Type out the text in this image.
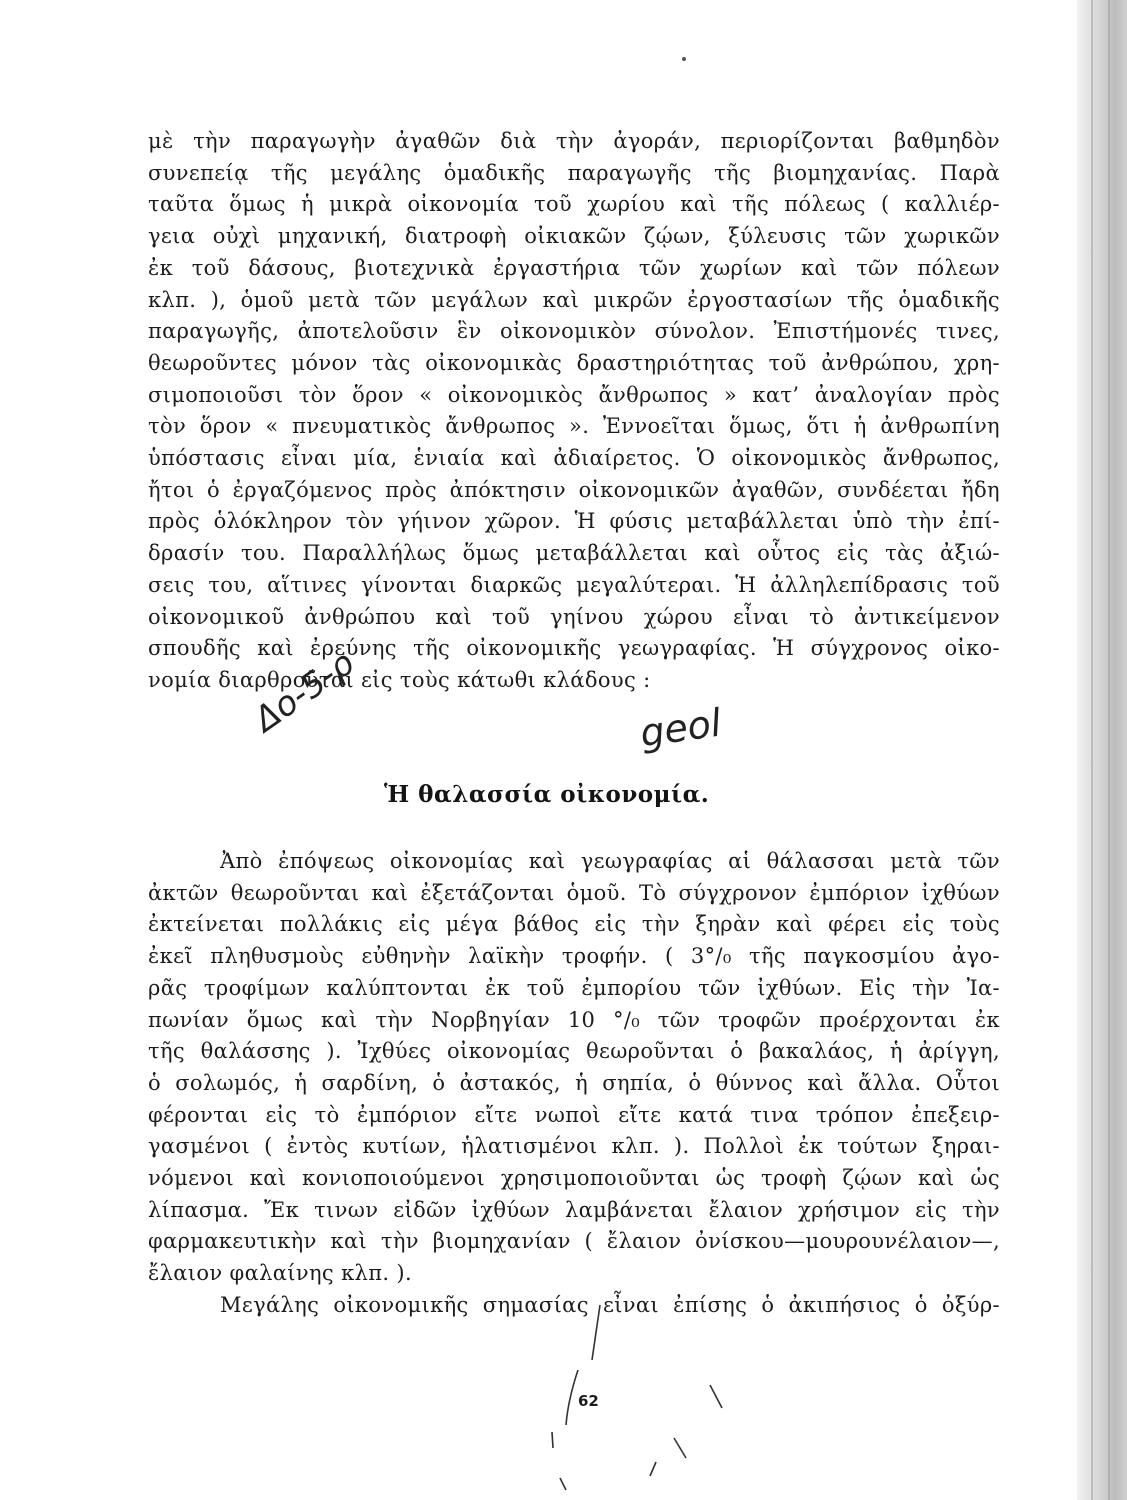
μὲ τὴν παραγωγὴν ἀγαθῶν διὰ τὴν ἀγοράν, περιορίζονται βαθμηδὸν
συνεπείᾳ τῆς μεγάλης ὁμαδικῆς παραγωγῆς τῆς βιομηχανίας. Παρὰ
ταῦτα ὅμως ἡ μικρὰ οἰκονομία τοῦ χωρίου καὶ τῆς πόλεως ( καλλιέρ-
γεια οὐχὶ μηχανική, διατροφὴ οἰκιακῶν ζῴων, ξύλευσις τῶν χωρικῶν
ἐκ τοῦ δάσους, βιοτεχνικὰ ἐργαστήρια τῶν χωρίων καὶ τῶν πόλεων
κλπ. ), ὁμοῦ μετὰ τῶν μεγάλων καὶ μικρῶν ἐργοστασίων τῆς ὁμαδικῆς
παραγωγῆς, ἀποτελοῦσιν ἓν οἰκονομικὸν σύνολον. Ἐπιστήμονές τινες,
θεωροῦντες μόνον τὰς οἰκονομικὰς δραστηριότητας τοῦ ἀνθρώπου, χρη-
σιμοποιοῦσι τὸν ὅρον « οἰκονομικὸς ἄνθρωπος » κατ’ ἀναλογίαν πρὸς
τὸν ὅρον « πνευματικὸς ἄνθρωπος ». Ἐννοεῖται ὅμως, ὅτι ἡ ἀνθρωπίνη
ὑπόστασις εἶναι μία, ἑνιαία καὶ ἀδιαίρετος. Ὁ οἰκονομικὸς ἄνθρωπος,
ἤτοι ὁ ἐργαζόμενος πρὸς ἀπόκτησιν οἰκονομικῶν ἀγαθῶν, συνδέεται ἤδη
πρὸς ὁλόκληρον τὸν γήινον χῶρον. Ἡ φύσις μεταβάλλεται ὑπὸ τὴν ἐπί-
δρασίν του. Παραλλήλως ὅμως μεταβάλλεται καὶ οὗτος εἰς τὰς ἀξιώ-
σεις του, αἵτινες γίνονται διαρκῶς μεγαλύτεραι. Ἡ ἀλληλεπίδρασις τοῦ
οἰκονομικοῦ ἀνθρώπου καὶ τοῦ γηίνου χώρου εἶναι τὸ ἀντικείμενον
σπουδῆς καὶ ἐρεύνης τῆς οἰκονομικῆς γεωγραφίας. Ἡ σύγχρονος οἰκο-
νομία διαρθροῦται εἰς τοὺς κάτωθι κλάδους :
Δο-5-ρ	geol
Ἡ θαλασσία οἰκονομία.
Ἀπὸ ἐπόψεως οἰκονομίας καὶ γεωγραφίας αἱ θάλασσαι μετὰ τῶν
ἀκτῶν θεωροῦνται καὶ ἐξετάζονται ὁμοῦ. Τὸ σύγχρονον ἐμπόριον ἰχθύων
ἐκτείνεται πολλάκις εἰς μέγα βάθος εἰς τὴν ξηρὰν καὶ φέρει εἰς τοὺς
ἐκεῖ πληθυσμοὺς εὐθηνὴν λαϊκὴν τροφήν. ( 3°/₀ τῆς παγκοσμίου ἀγο-
ρᾶς τροφίμων καλύπτονται ἐκ τοῦ ἐμπορίου τῶν ἰχθύων. Εἰς τὴν Ἰα-
πωνίαν ὅμως καὶ τὴν Νορβηγίαν 10 °/₀ τῶν τροφῶν προέρχονται ἐκ
τῆς θαλάσσης ). Ἰχθύες οἰκονομίας θεωροῦνται ὁ βακαλάος, ἡ ἀρίγγη,
ὁ σολωμός, ἡ σαρδίνη, ὁ ἀστακός, ἡ σηπία, ὁ θύννος καὶ ἄλλα. Οὗτοι
φέρονται εἰς τὸ ἐμπόριον εἴτε νωποὶ εἴτε κατά τινα τρόπον ἐπεξειρ-
γασμένοι ( ἐντὸς κυτίων, ἡλατισμένοι κλπ. ). Πολλοὶ ἐκ τούτων ξηραι-
νόμενοι καὶ κονιοποιούμενοι χρησιμοποιοῦνται ὡς τροφὴ ζῴων καὶ ὡς
λίπασμα. Ἔκ τινων εἰδῶν ἰχθύων λαμβάνεται ἔλαιον χρήσιμον εἰς τὴν
φαρμακευτικὴν καὶ τὴν βιομηχανίαν ( ἔλαιον ὀνίσκου—μουρουνέλαιον—,
ἔλαιον φαλαίνης κλπ. ).
Μεγάλης οἰκονομικῆς σημασίας εἶναι ἐπίσης ὁ ἀκιπήσιος ὁ ὀξύρ-
62
